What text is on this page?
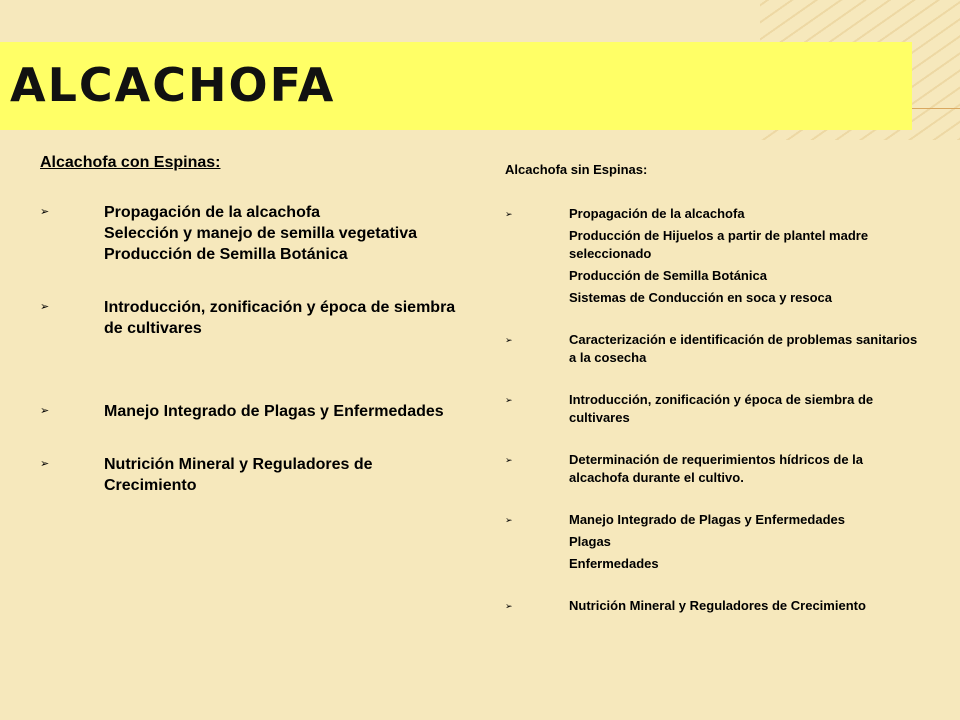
ALCACHOFA
Alcachofa con Espinas:
➢	Propagación de la alcachofa
Selección y manejo de semilla vegetativa
Producción de Semilla Botánica
➢	Introducción, zonificación y época de siembra de cultivares
➢	Manejo Integrado de Plagas y Enfermedades
➢	Nutrición Mineral y Reguladores de Crecimiento
Alcachofa sin Espinas:
➢	Propagación de la alcachofa
Producción de Hijuelos a partir de plantel madre seleccionado
Producción de Semilla Botánica
Sistemas de Conducción en soca y resoca
➢	Caracterización e identificación de problemas sanitarios a la cosecha
➢	Introducción, zonificación y época de siembra de cultivares
➢	Determinación de requerimientos hídricos de la alcachofa durante el cultivo.
➢	Manejo Integrado de Plagas y Enfermedades
Plagas
Enfermedades
➢	Nutrición Mineral y Reguladores de Crecimiento
